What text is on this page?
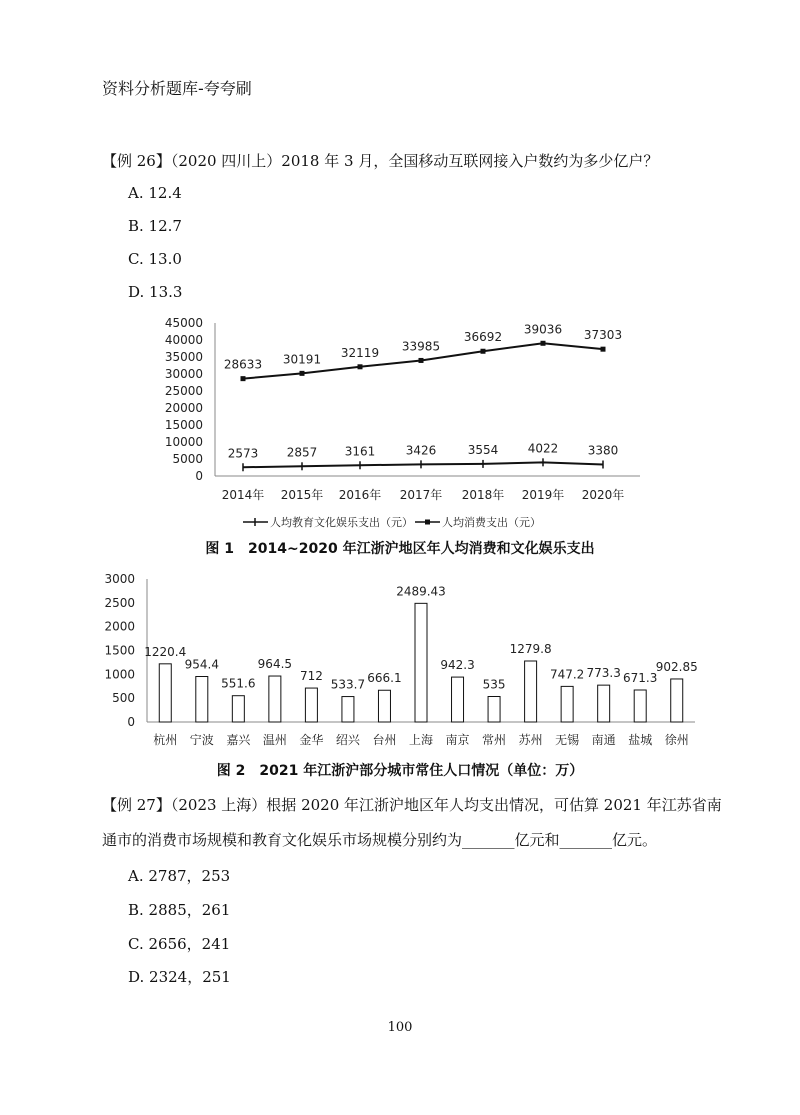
资料分析题库-夸夸刷
【例 26】（2020 四川上）2018 年 3 月，全国移动互联网接入户数约为多少亿户？
A. 12.4
B. 12.7
C. 13.0
D. 13.3
0
5000
10000
15000
20000
25000
30000
35000
40000
45000
2014年 2015年 2016年 2017年 2018年 2019年 2020年
2573 2857 3161	3426	3554 4022 3380
28633 30191 32119 33985
36692
39036 37303
人均教育文化娱乐支出（元）	人均消费支出（元）
图 1　2014~2020 年江浙沪地区年人均消费和文化娱乐支出
0
500
1000
1500
2000
2500
3000
1220.4
杭州
954.4
宁波
551.6
嘉兴
964.5
温州
712
金华
533.7
绍兴
666.1
台州
2489.43
上海
942.3
南京
535
常州
1279.8
苏州
747.2
无锡
773.3
南通
671.3
盐城
902.85
徐州
图 2　2021 年江浙沪部分城市常住人口情况（单位：万）
【例 27】（2023 上海）根据 2020 年江浙沪地区年人均支出情况，可估算 2021 年江苏省南
通市的消费市场规模和教育文化娱乐市场规模分别约为_______亿元和_______亿元。
A. 2787，253
B. 2885，261
C. 2656，241
D. 2324，251
100
